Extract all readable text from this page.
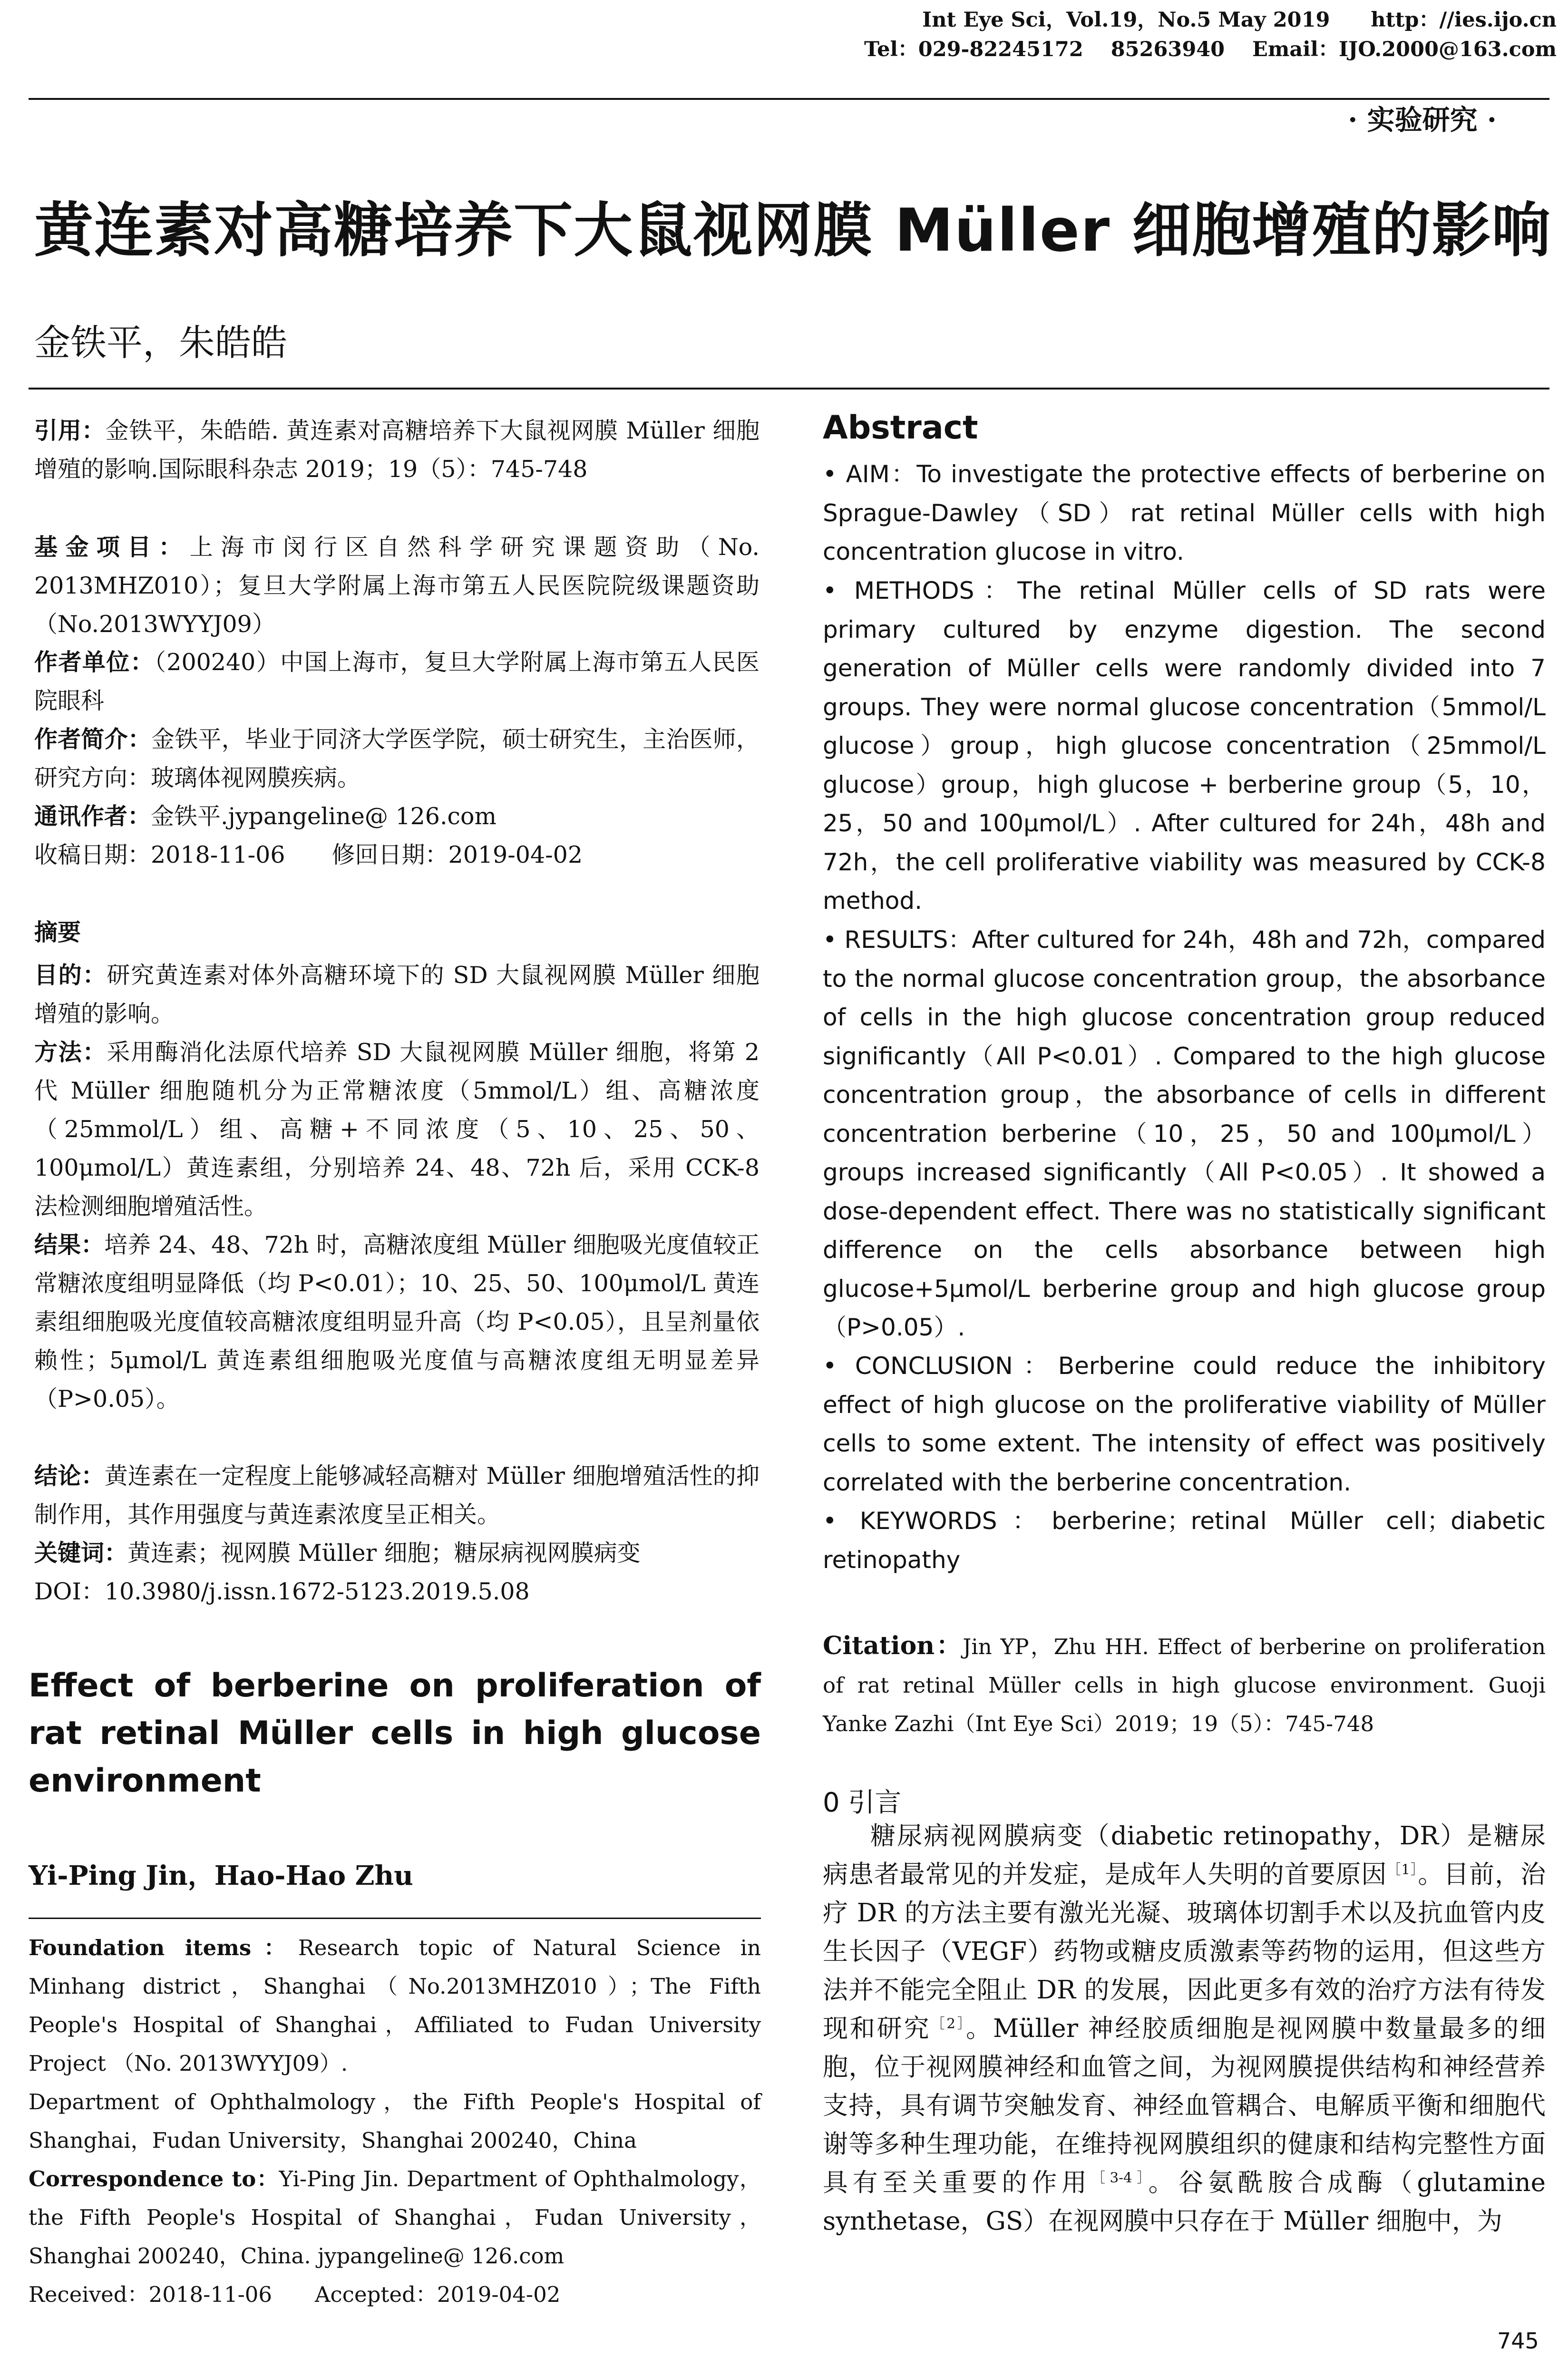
Int Eye Sci，Vol.19，No.5 May 2019　　http：//ies.ijo.cn
Tel：029-82245172　 85263940　 Email：IJO.2000@163.com
· 实验研究 ·
黄连素对高糖培养下大鼠视网膜 Müller 细胞增殖的影响
金铁平，朱皓皓
引用：金铁平，朱皓皓. 黄连素对高糖培养下大鼠视网膜 Müller 细胞增殖的影响.国际眼科杂志 2019；19（5）：745-748
基金项目：上海市闵行区自然科学研究课题资助（No. 2013MHZ010）；复旦大学附属上海市第五人民医院院级课题资助（No.2013WYYJ09）
作者单位：（200240）中国上海市，复旦大学附属上海市第五人民医院眼科
作者简介：金铁平，毕业于同济大学医学院，硕士研究生，主治医师，研究方向：玻璃体视网膜疾病。
通讯作者：金铁平.jypangeline@ 126.com
收稿日期：2018-11-06　　修回日期：2019-04-02
摘要
目的：研究黄连素对体外高糖环境下的 SD 大鼠视网膜 Müller 细胞增殖的影响。
方法：采用酶消化法原代培养 SD 大鼠视网膜 Müller 细胞，将第 2 代 Müller 细胞随机分为正常糖浓度（5mmol/L）组、高糖浓度（25mmol/L）组、高糖+不同浓度（5、10、25、50、100μmol/L）黄连素组，分别培养 24、48、72h 后，采用 CCK-8 法检测细胞增殖活性。
结果：培养 24、48、72h 时，高糖浓度组 Müller 细胞吸光度值较正常糖浓度组明显降低（均 P<0.01）；10、25、50、100μmol/L 黄连素组细胞吸光度值较高糖浓度组明显升高（均 P<0.05），且呈剂量依赖性；5μmol/L 黄连素组细胞吸光度值与高糖浓度组无明显差异（P>0.05）。
结论：黄连素在一定程度上能够减轻高糖对 Müller 细胞增殖活性的抑制作用，其作用强度与黄连素浓度呈正相关。
关键词：黄连素；视网膜 Müller 细胞；糖尿病视网膜病变
DOI：10.3980/j.issn.1672-5123.2019.5.08
Effect of berberine on proliferation of rat retinal Müller cells in high glucose environment
Yi-Ping Jin，Hao-Hao Zhu
Foundation items：Research topic of Natural Science in Minhang district，Shanghai（No.2013MHZ010）；The Fifth People's Hospital of Shanghai，Affiliated to Fudan University Project （No. 2013WYYJ09）.
Department of Ophthalmology，the Fifth People's Hospital of Shanghai，Fudan University，Shanghai 200240，China
Correspondence to：Yi-Ping Jin. Department of Ophthalmology，the Fifth People's Hospital of Shanghai，Fudan University，Shanghai 200240，China. jypangeline@ 126.com
Received：2018-11-06　　Accepted：2019-04-02
Abstract
• AIM：To investigate the protective effects of berberine on Sprague-Dawley（SD）rat retinal Müller cells with high concentration glucose in vitro.
• METHODS：The retinal Müller cells of SD rats were primary cultured by enzyme digestion. The second generation of Müller cells were randomly divided into 7 groups. They were normal glucose concentration（5mmol/L glucose）group，high glucose concentration（25mmol/L glucose）group，high glucose + berberine group（5，10，25，50 and 100μmol/L）. After cultured for 24h，48h and 72h，the cell proliferative viability was measured by CCK-8 method.
• RESULTS：After cultured for 24h，48h and 72h，compared to the normal glucose concentration group，the absorbance of cells in the high glucose concentration group reduced significantly（All P<0.01）. Compared to the high glucose concentration group，the absorbance of cells in different concentration berberine（10，25，50 and 100μmol/L）groups increased significantly（All P<0.05）. It showed a dose-dependent effect. There was no statistically significant difference on the cells absorbance between high glucose+5μmol/L berberine group and high glucose group（P>0.05）.
• CONCLUSION：Berberine could reduce the inhibitory effect of high glucose on the proliferative viability of Müller cells to some extent. The intensity of effect was positively correlated with the berberine concentration.
• KEYWORDS：berberine；retinal Müller cell；diabetic retinopathy
Citation：Jin YP，Zhu HH. Effect of berberine on proliferation of rat retinal Müller cells in high glucose environment. Guoji Yanke Zazhi（Int Eye Sci）2019；19（5）：745-748
0 引言
糖尿病视网膜病变（diabetic retinopathy，DR）是糖尿病患者最常见的并发症，是成年人失明的首要原因$^{[1]}$。目前，治疗 DR 的方法主要有激光光凝、玻璃体切割手术以及抗血管内皮生长因子（VEGF）药物或糖皮质激素等药物的运用，但这些方法并不能完全阻止 DR 的发展，因此更多有效的治疗方法有待发现和研究$^{[2]}$。Müller 神经胶质细胞是视网膜中数量最多的细胞，位于视网膜神经和血管之间，为视网膜提供结构和神经营养支持，具有调节突触发育、神经血管耦合、电解质平衡和细胞代谢等多种生理功能，在维持视网膜组织的健康和结构完整性方面具有至关重要的作用$^{[3-4]}$。谷氨酰胺合成酶（glutamine synthetase，GS）在视网膜中只存在于 Müller 细胞中，为
745
